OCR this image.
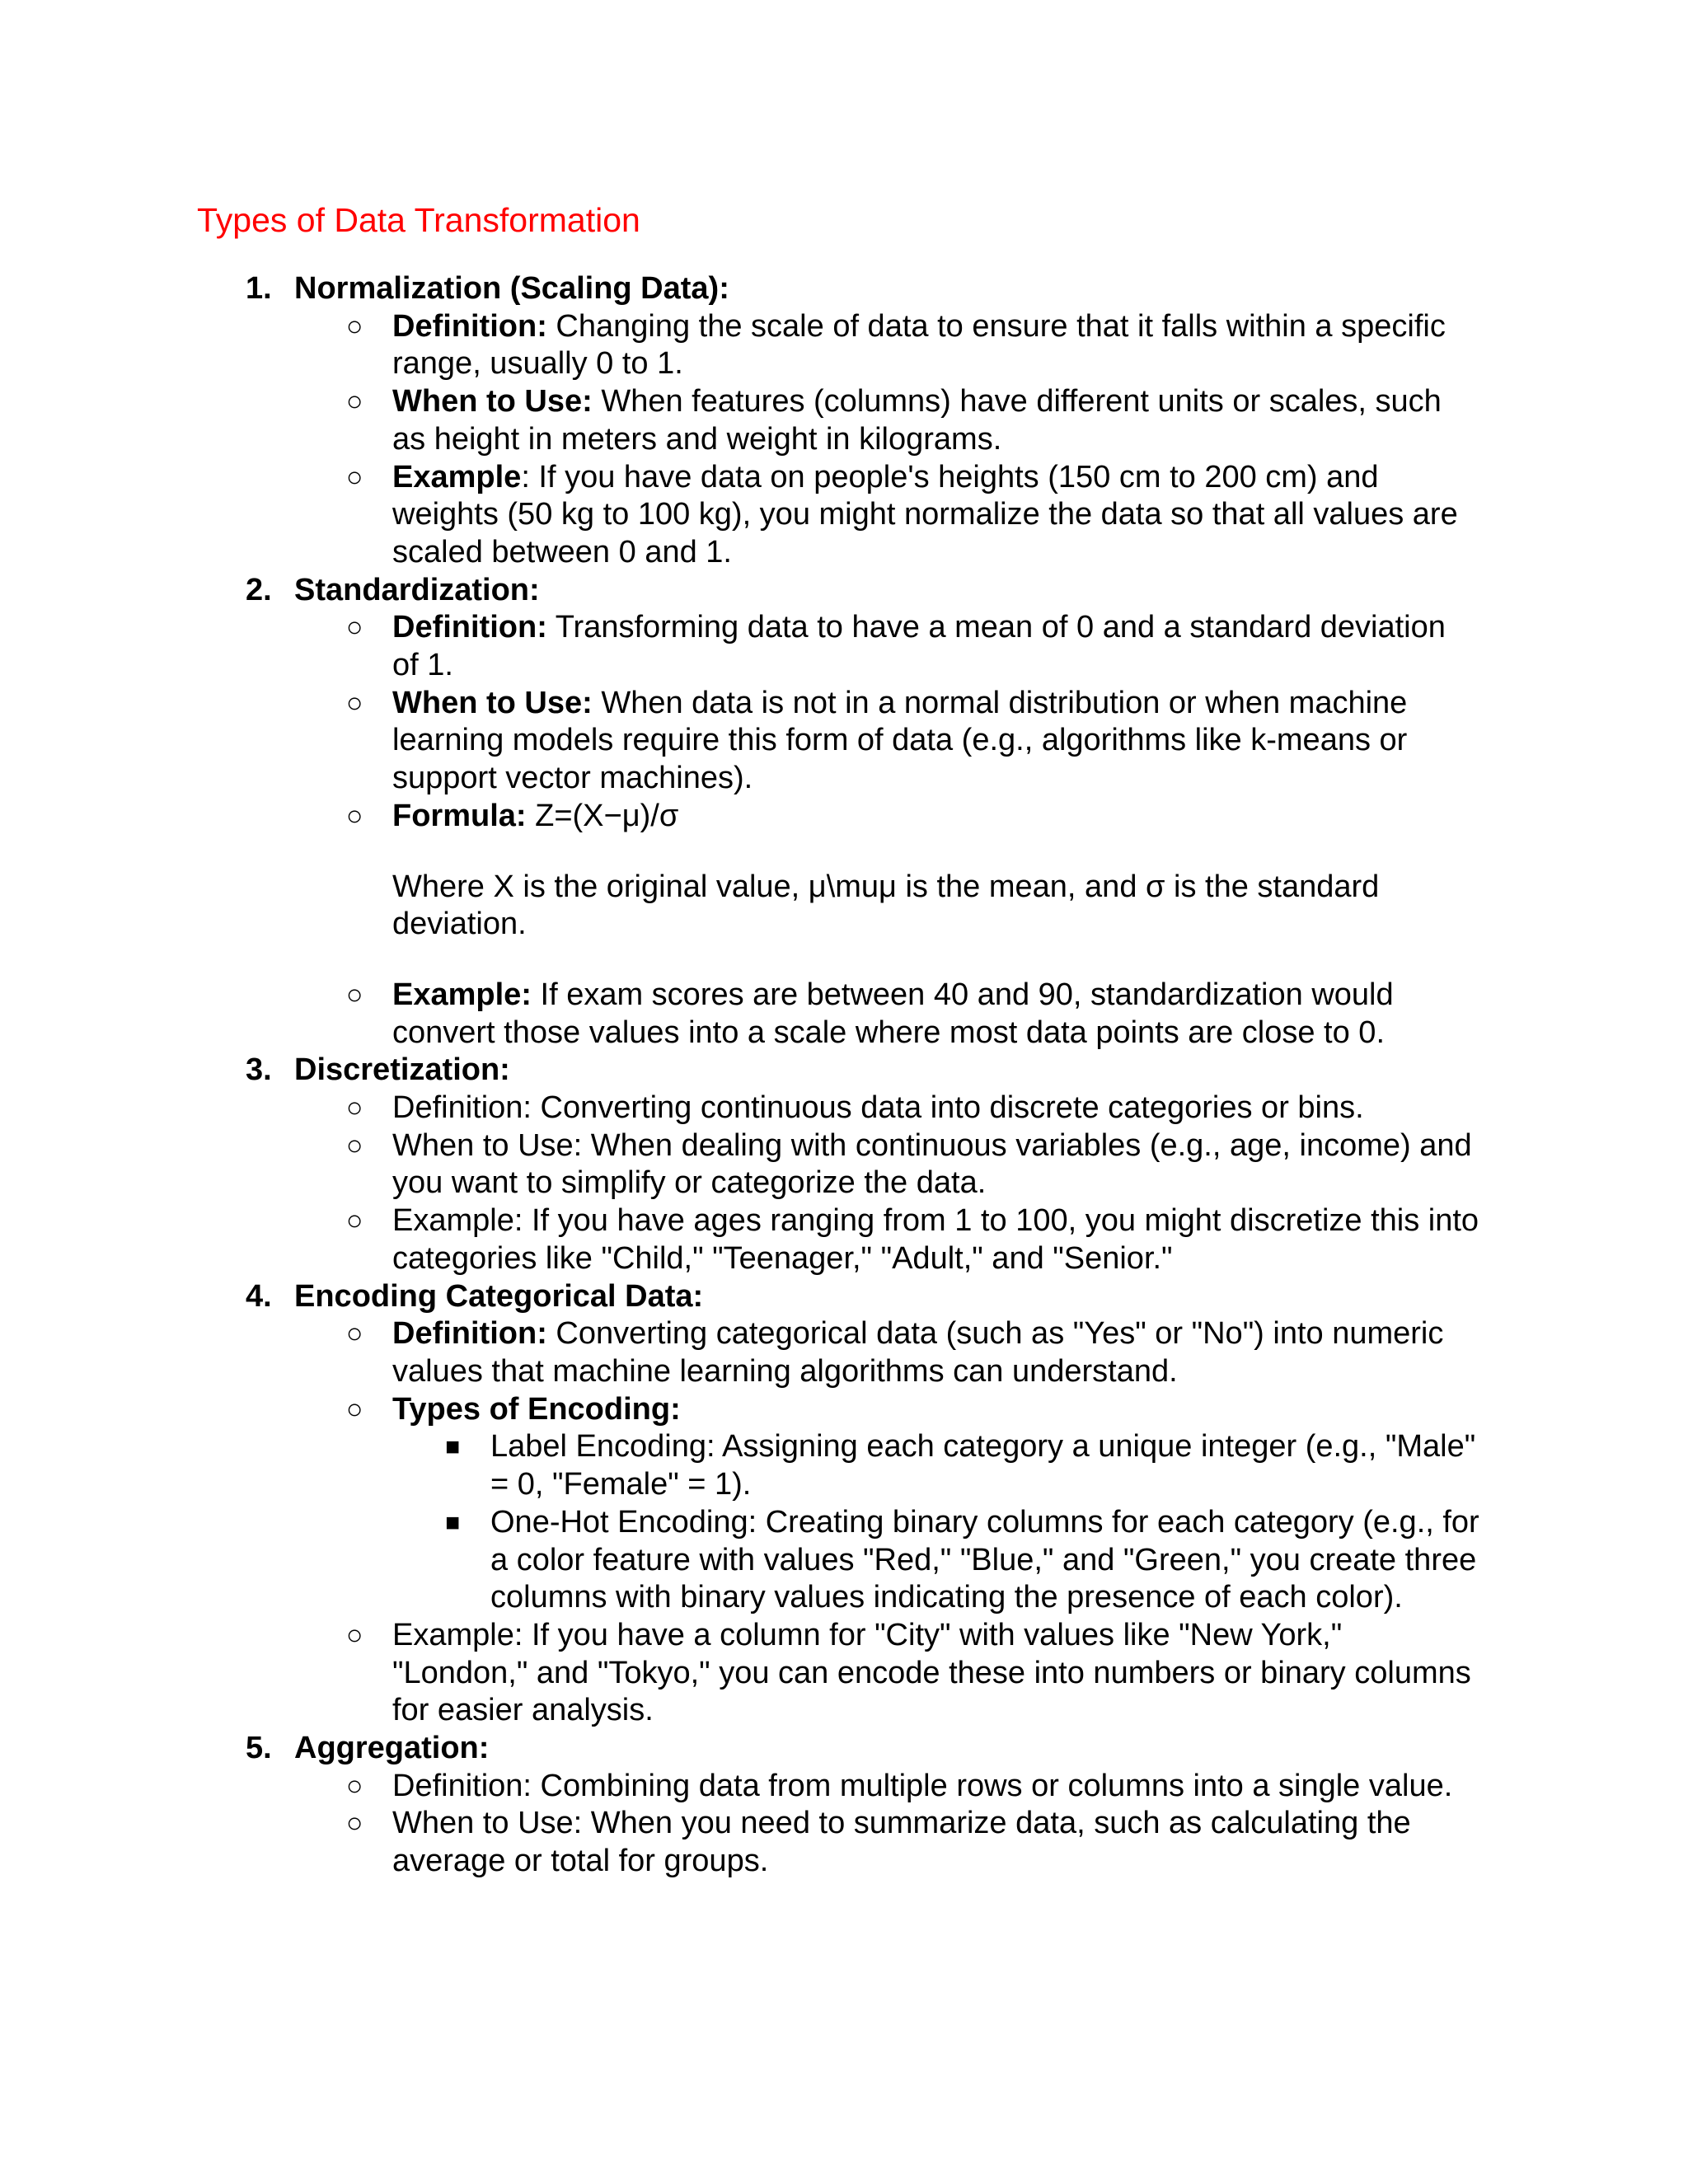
Types of Data Transformation
1. Normalization (Scaling Data):
○ Definition: Changing the scale of data to ensure that it falls within a specific range, usually 0 to 1.
○ When to Use: When features (columns) have different units or scales, such as height in meters and weight in kilograms.
○ Example: If you have data on people's heights (150 cm to 200 cm) and weights (50 kg to 100 kg), you might normalize the data so that all values are scaled between 0 and 1.
2. Standardization:
○ Definition: Transforming data to have a mean of 0 and a standard deviation of 1.
○ When to Use: When data is not in a normal distribution or when machine learning models require this form of data (e.g., algorithms like k-means or support vector machines).
○ Formula: Z=(X−μ)/σ
Where X is the original value, μ\muμ is the mean, and σ is the standard deviation.
○ Example: If exam scores are between 40 and 90, standardization would convert those values into a scale where most data points are close to 0.
3. Discretization:
○ Definition: Converting continuous data into discrete categories or bins.
○ When to Use: When dealing with continuous variables (e.g., age, income) and you want to simplify or categorize the data.
○ Example: If you have ages ranging from 1 to 100, you might discretize this into categories like "Child," "Teenager," "Adult," and "Senior."
4. Encoding Categorical Data:
○ Definition: Converting categorical data (such as "Yes" or "No") into numeric values that machine learning algorithms can understand.
○ Types of Encoding:
■ Label Encoding: Assigning each category a unique integer (e.g., "Male" = 0, "Female" = 1).
■ One-Hot Encoding: Creating binary columns for each category (e.g., for a color feature with values "Red," "Blue," and "Green," you create three columns with binary values indicating the presence of each color).
○ Example: If you have a column for "City" with values like "New York," "London," and "Tokyo," you can encode these into numbers or binary columns for easier analysis.
5. Aggregation:
○ Definition: Combining data from multiple rows or columns into a single value.
○ When to Use: When you need to summarize data, such as calculating the average or total for groups.
